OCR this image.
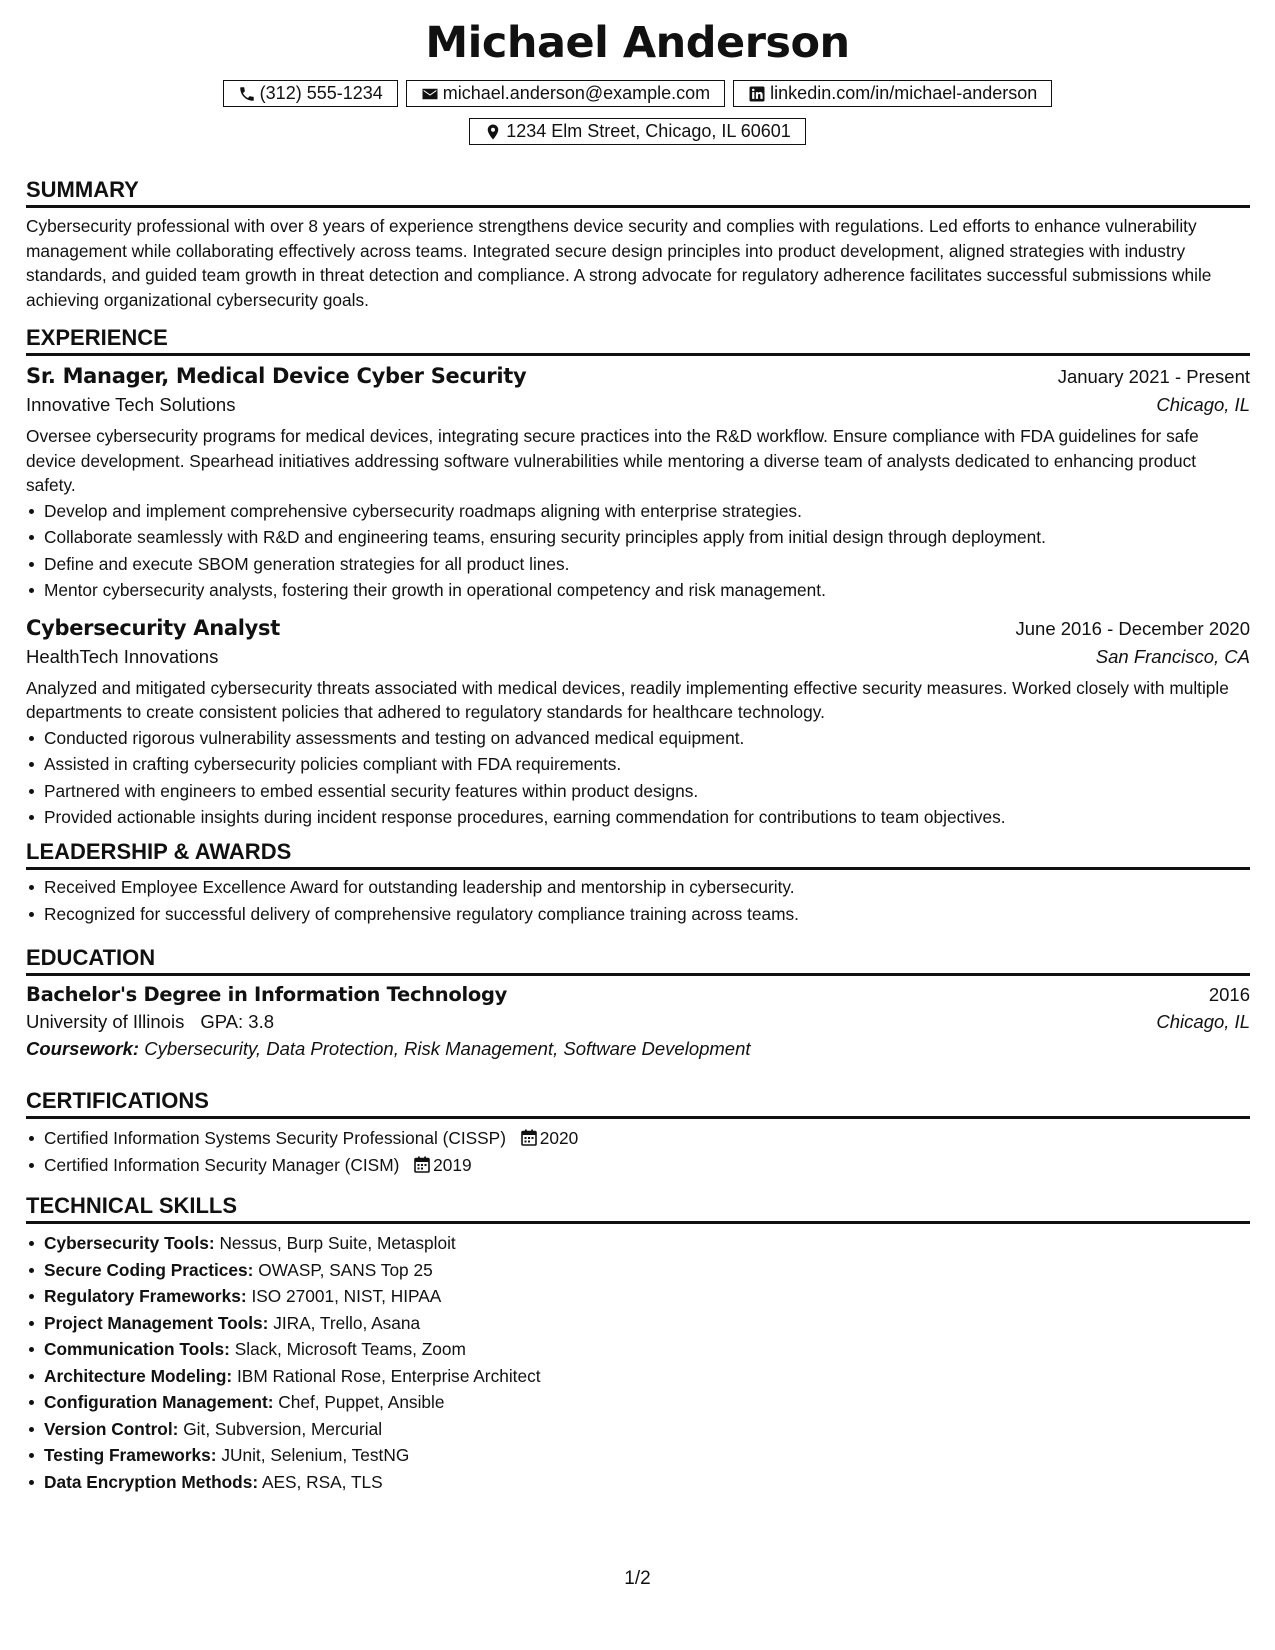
Michael Anderson
(312) 555-1234	michael.anderson@example.com	linkedin.com/in/michael-anderson
1234 Elm Street, Chicago, IL 60601
SUMMARY
Cybersecurity professional with over 8 years of experience strengthens device security and complies with regulations. Led efforts to enhance vulnerability management while collaborating effectively across teams. Integrated secure design principles into product development, aligned strategies with industry standards, and guided team growth in threat detection and compliance. A strong advocate for regulatory adherence facilitates successful submissions while achieving organizational cybersecurity goals.
EXPERIENCE
Sr. Manager, Medical Device Cyber Security	January 2021 - Present
Innovative Tech Solutions	Chicago, IL
Oversee cybersecurity programs for medical devices, integrating secure practices into the R&D workflow. Ensure compliance with FDA guidelines for safe device development. Spearhead initiatives addressing software vulnerabilities while mentoring a diverse team of analysts dedicated to enhancing product safety.
Develop and implement comprehensive cybersecurity roadmaps aligning with enterprise strategies.
Collaborate seamlessly with R&D and engineering teams, ensuring security principles apply from initial design through deployment.
Define and execute SBOM generation strategies for all product lines.
Mentor cybersecurity analysts, fostering their growth in operational competency and risk management.
Cybersecurity Analyst	June 2016 - December 2020
HealthTech Innovations	San Francisco, CA
Analyzed and mitigated cybersecurity threats associated with medical devices, readily implementing effective security measures. Worked closely with multiple departments to create consistent policies that adhered to regulatory standards for healthcare technology.
Conducted rigorous vulnerability assessments and testing on advanced medical equipment.
Assisted in crafting cybersecurity policies compliant with FDA requirements.
Partnered with engineers to embed essential security features within product designs.
Provided actionable insights during incident response procedures, earning commendation for contributions to team objectives.
LEADERSHIP & AWARDS
Received Employee Excellence Award for outstanding leadership and mentorship in cybersecurity.
Recognized for successful delivery of comprehensive regulatory compliance training across teams.
EDUCATION
Bachelor's Degree in Information Technology	2016
University of Illinois GPA: 3.8	Chicago, IL
Coursework: Cybersecurity, Data Protection, Risk Management, Software Development
CERTIFICATIONS
Certified Information Systems Security Professional (CISSP) 2020
Certified Information Security Manager (CISM) 2019
TECHNICAL SKILLS
Cybersecurity Tools: Nessus, Burp Suite, Metasploit
Secure Coding Practices: OWASP, SANS Top 25
Regulatory Frameworks: ISO 27001, NIST, HIPAA
Project Management Tools: JIRA, Trello, Asana
Communication Tools: Slack, Microsoft Teams, Zoom
Architecture Modeling: IBM Rational Rose, Enterprise Architect
Configuration Management: Chef, Puppet, Ansible
Version Control: Git, Subversion, Mercurial
Testing Frameworks: JUnit, Selenium, TestNG
Data Encryption Methods: AES, RSA, TLS
1/2
